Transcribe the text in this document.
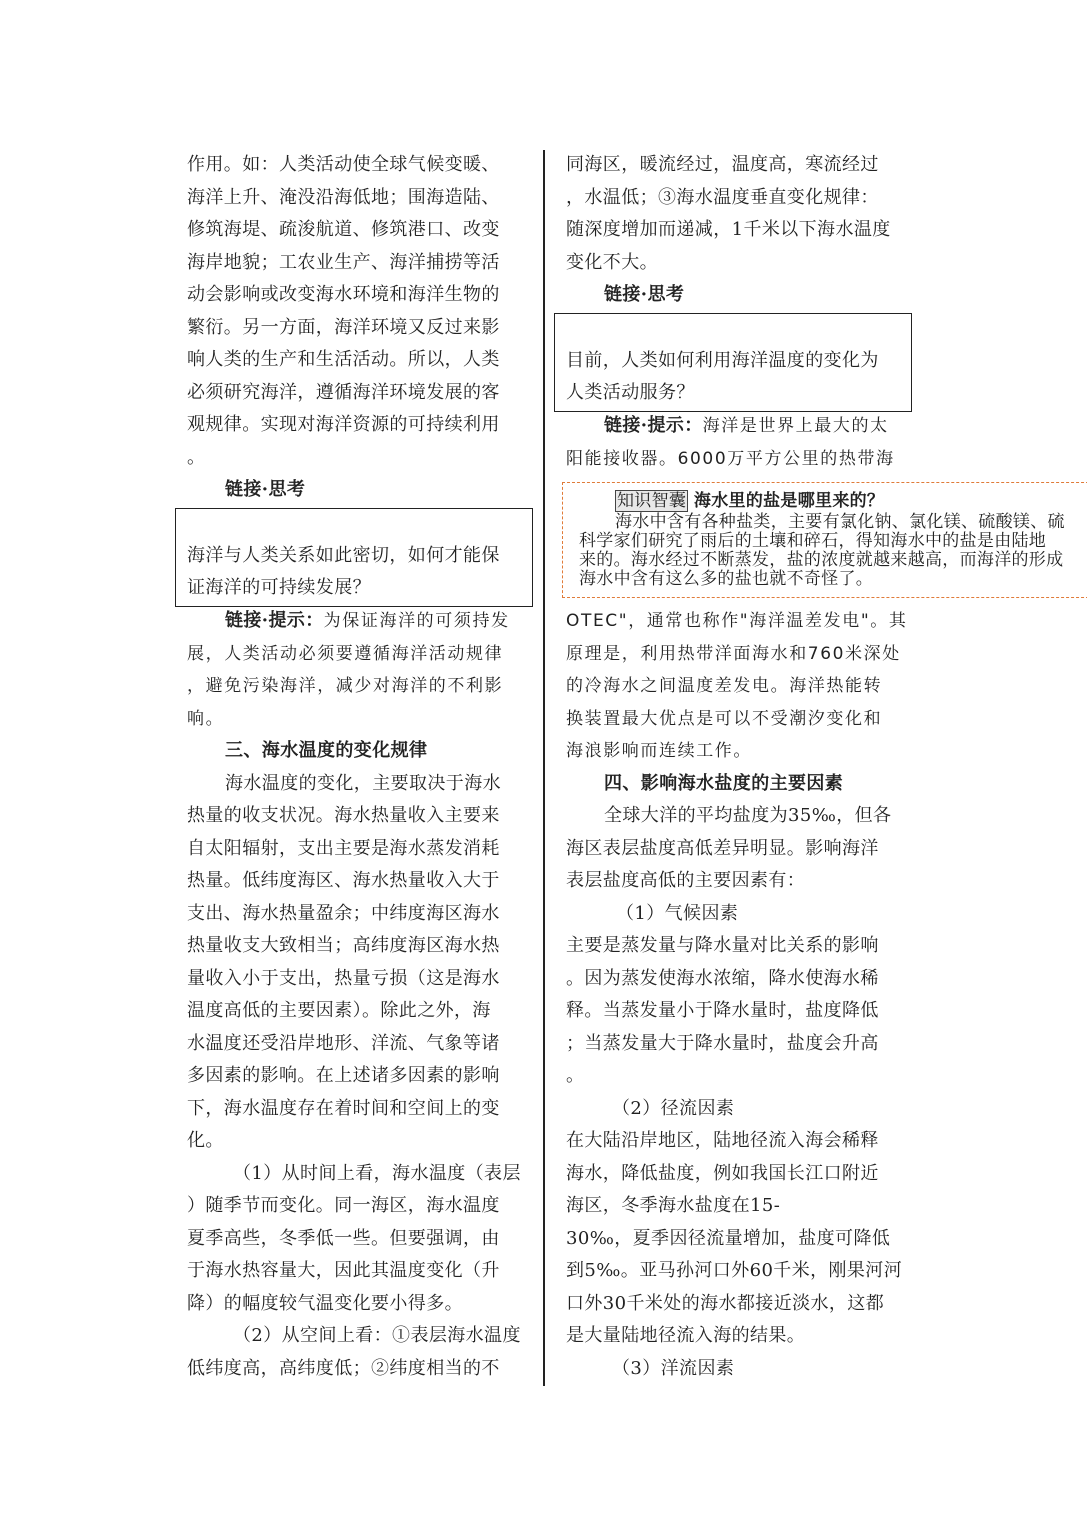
作用。如：人类活动使全球气候变暖、
海洋上升、淹没沿海低地；围海造陆、
修筑海堤、疏浚航道、修筑港口、改变
海岸地貌；工农业生产、海洋捕捞等活
动会影响或改变海水环境和海洋生物的
繁衍。另一方面，海洋环境又反过来影
响人类的生产和生活活动。所以，人类
必须研究海洋，遵循海洋环境发展的客
观规律。实现对海洋资源的可持续利用
。
链接·思考
海洋与人类关系如此密切，如何才能保
证海洋的可持续发展？
链接·提示：为保证海洋的可须持发
展，人类活动必须要遵循海洋活动规律
，避免污染海洋，减少对海洋的不利影
响。
三、海水温度的变化规律
海水温度的变化，主要取决于海水
热量的收支状况。海水热量收入主要来
自太阳辐射，支出主要是海水蒸发消耗
热量。低纬度海区、海水热量收入大于
支出、海水热量盈余；中纬度海区海水
热量收支大致相当；高纬度海区海水热
量收入小于支出，热量亏损（这是海水
温度高低的主要因素）。除此之外，海
水温度还受沿岸地形、洋流、气象等诸
多因素的影响。在上述诸多因素的影响
下，海水温度存在着时间和空间上的变
化。
（1）从时间上看，海水温度（表层
）随季节而变化。同一海区，海水温度
夏季高些，冬季低一些。但要强调，由
于海水热容量大，因此其温度变化（升
降）的幅度较气温变化要小得多。
（2）从空间上看：①表层海水温度
低纬度高，高纬度低；②纬度相当的不
同海区，暖流经过，温度高，寒流经过
，水温低；③海水温度垂直变化规律：
随深度增加而递减，1千米以下海水温度
变化不大。
链接·思考
目前，人类如何利用海洋温度的变化为
人类活动服务？
链接·提示：海洋是世界上最大的太
阳能接收器。6000万平方公里的热带海
OTEC"，通常也称作"海洋温差发电"。其
原理是，利用热带洋面海水和760米深处
的冷海水之间温度差发电。海洋热能转
换装置最大优点是可以不受潮汐变化和
海浪影响而连续工作。
四、影响海水盐度的主要因素
全球大洋的平均盐度为35‰，但各
海区表层盐度高低差异明显。影响海洋
表层盐度高低的主要因素有：
（1）气候因素
主要是蒸发量与降水量对比关系的影响
。因为蒸发使海水浓缩，降水使海水稀
释。当蒸发量小于降水量时，盐度降低
；当蒸发量大于降水量时，盐度会升高
。
（2）径流因素
在大陆沿岸地区，陆地径流入海会稀释
海水，降低盐度，例如我国长江口附近
海区，冬季海水盐度在15-
30‰，夏季因径流量增加，盐度可降低
到5‰。亚马孙河口外60千米，刚果河河
口外30千米处的海水都接近淡水，这都
是大量陆地径流入海的结果。
（3）洋流因素
知识智囊 海水里的盐是哪里来的？
海水中含有各种盐类，主要有氯化钠、氯化镁、硫酸镁、硫
科学家们研究了雨后的土壤和碎石，得知海水中的盐是由陆地
来的。海水经过不断蒸发，盐的浓度就越来越高，而海洋的形成
海水中含有这么多的盐也就不奇怪了。
